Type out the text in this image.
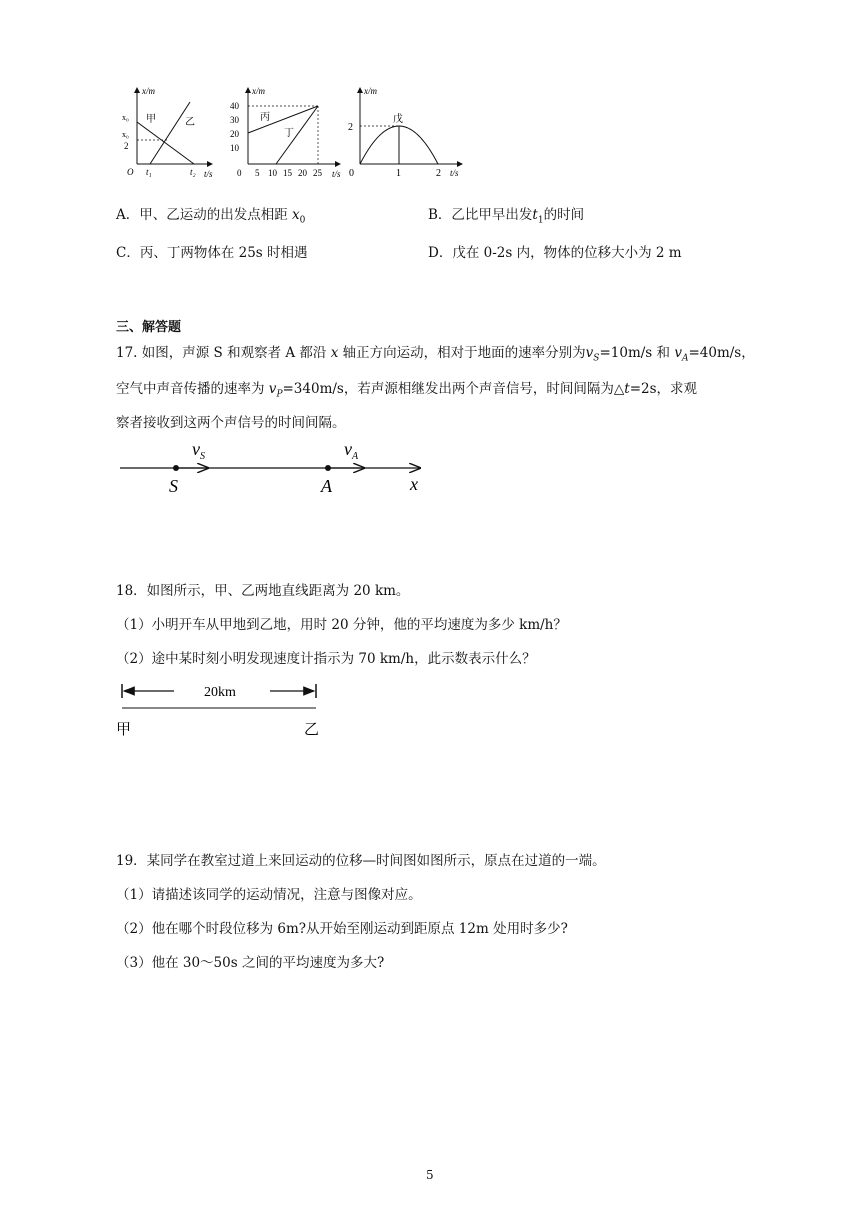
x/m
t/s
x₀
x₀
2
O t₁	t₂
甲	乙
x/m
t/s
40
30
20
10
0 5 10 15 20 25
丙
丁
x/m
t/s
2
0	1	2
戊
A．甲、乙运动的出发点相距 $x_0$	B．乙比甲早出发$t_1$的时间
C．丙、丁两物体在 25s 时相遇	D．戊在 0-2s 内，物体的位移大小为 2 m
三、解答题
17. 如图，声源 S 和观察者 A 都沿 x 轴正方向运动，相对于地面的速率分别为$v_S=10m/s$ 和 $v_A=40m/s$，
空气中声音传播的速率为 $v_P=340m/s$，若声源相继发出两个声音信号，时间间隔为△t=2s，求观
察者接收到这两个声信号的时间间隔。
$v_S$	$v_A$
S	A	x
18．如图所示，甲、乙两地直线距离为 20 km。
（1）小明开车从甲地到乙地，用时 20 分钟，他的平均速度为多少 km/h？
（2）途中某时刻小明发现速度计指示为 70 km/h，此示数表示什么？
20km
甲	乙
19．某同学在教室过道上来回运动的位移—时间图如图所示，原点在过道的一端。
（1）请描述该同学的运动情况，注意与图像对应。
（2）他在哪个时段位移为 6m?从开始至刚运动到距原点 12m 处用时多少?
（3）他在 30～50s 之间的平均速度为多大?
5
